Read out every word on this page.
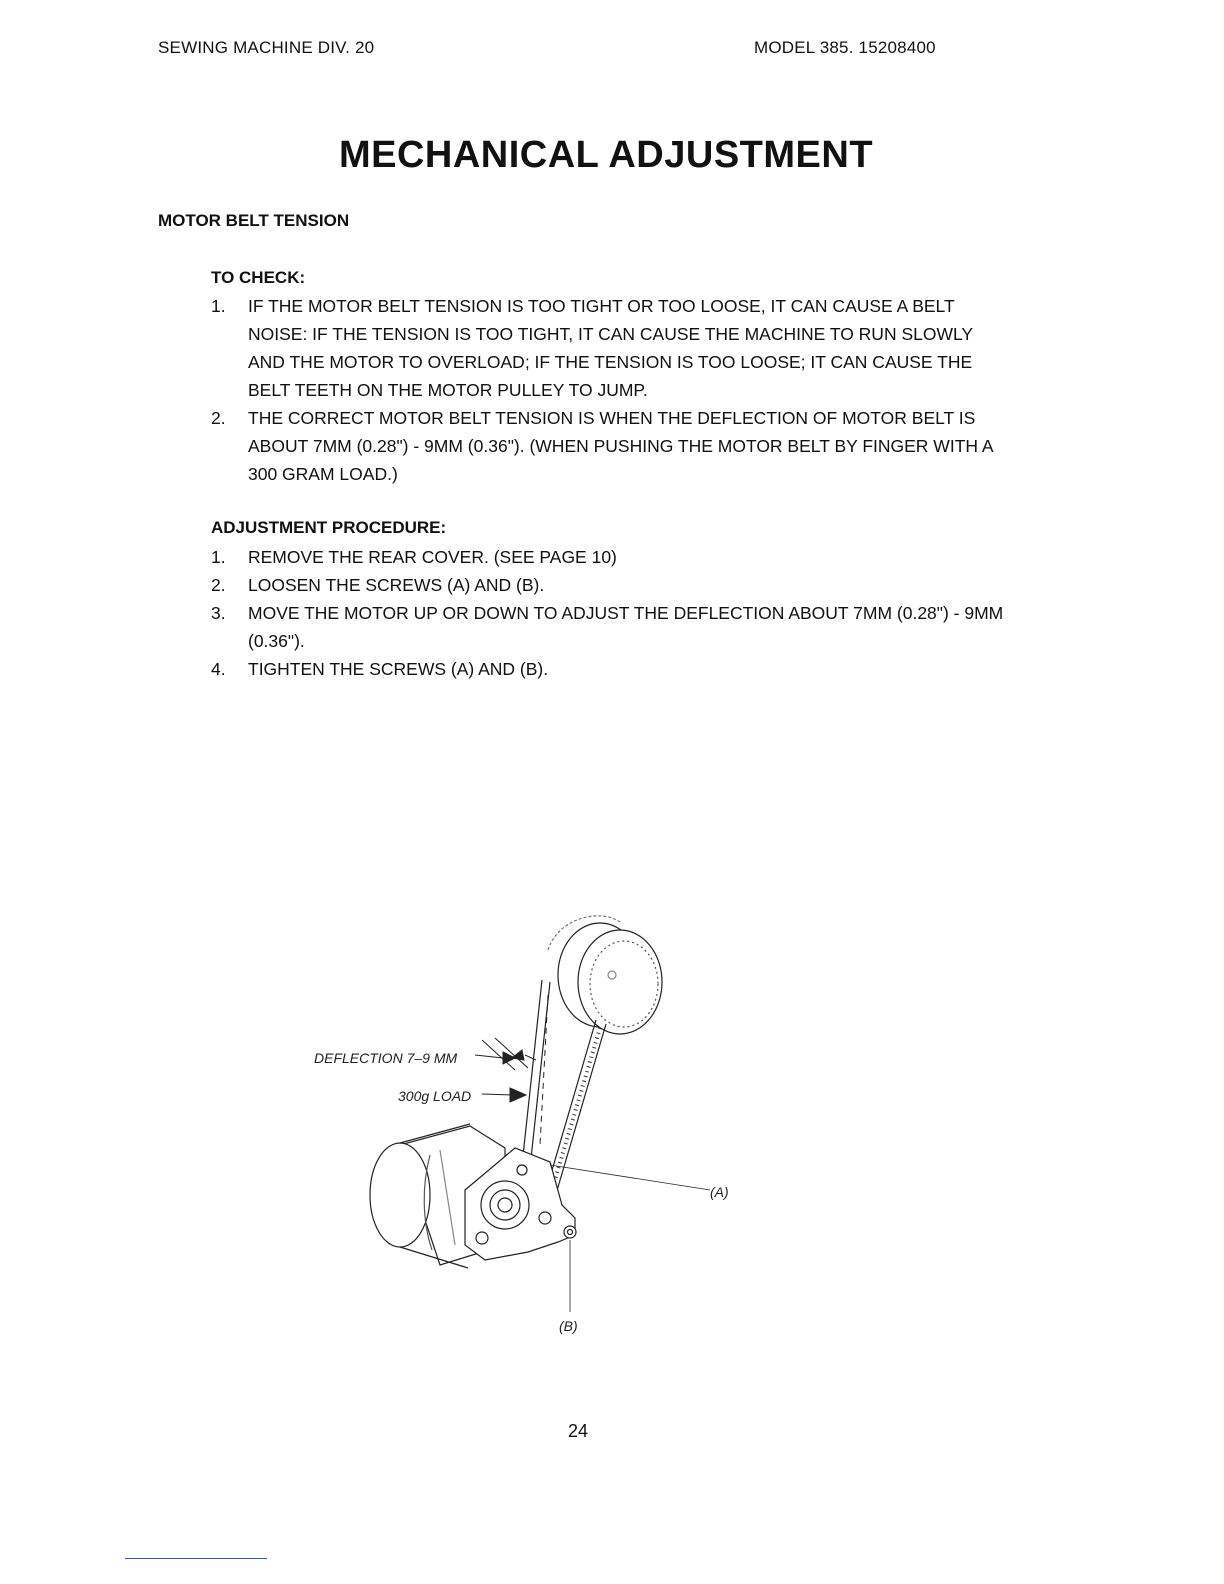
SEWING MACHINE DIV. 20	MODEL 385. 15208400
MECHANICAL ADJUSTMENT
MOTOR BELT TENSION
TO CHECK:
1. IF THE MOTOR BELT TENSION IS TOO TIGHT OR TOO LOOSE, IT CAN CAUSE A BELT NOISE: IF THE TENSION IS TOO TIGHT, IT CAN CAUSE THE MACHINE TO RUN SLOWLY AND THE MOTOR TO OVERLOAD; IF THE TENSION IS TOO LOOSE; IT CAN CAUSE THE BELT TEETH ON THE MOTOR PULLEY TO JUMP.
2. THE CORRECT MOTOR BELT TENSION IS WHEN THE DEFLECTION OF MOTOR BELT IS ABOUT 7MM (0.28") - 9MM (0.36"). (WHEN PUSHING THE MOTOR BELT BY FINGER WITH A 300 GRAM LOAD.)
ADJUSTMENT PROCEDURE:
1. REMOVE THE REAR COVER. (SEE PAGE 10)
2. LOOSEN THE SCREWS (A) AND (B).
3. MOVE THE MOTOR UP OR DOWN TO ADJUST THE DEFLECTION ABOUT 7MM (0.28") - 9MM (0.36").
4. TIGHTEN THE SCREWS (A) AND (B).
DEFLECTION 7–9 MM
300g LOAD
(A)
(B)
24
